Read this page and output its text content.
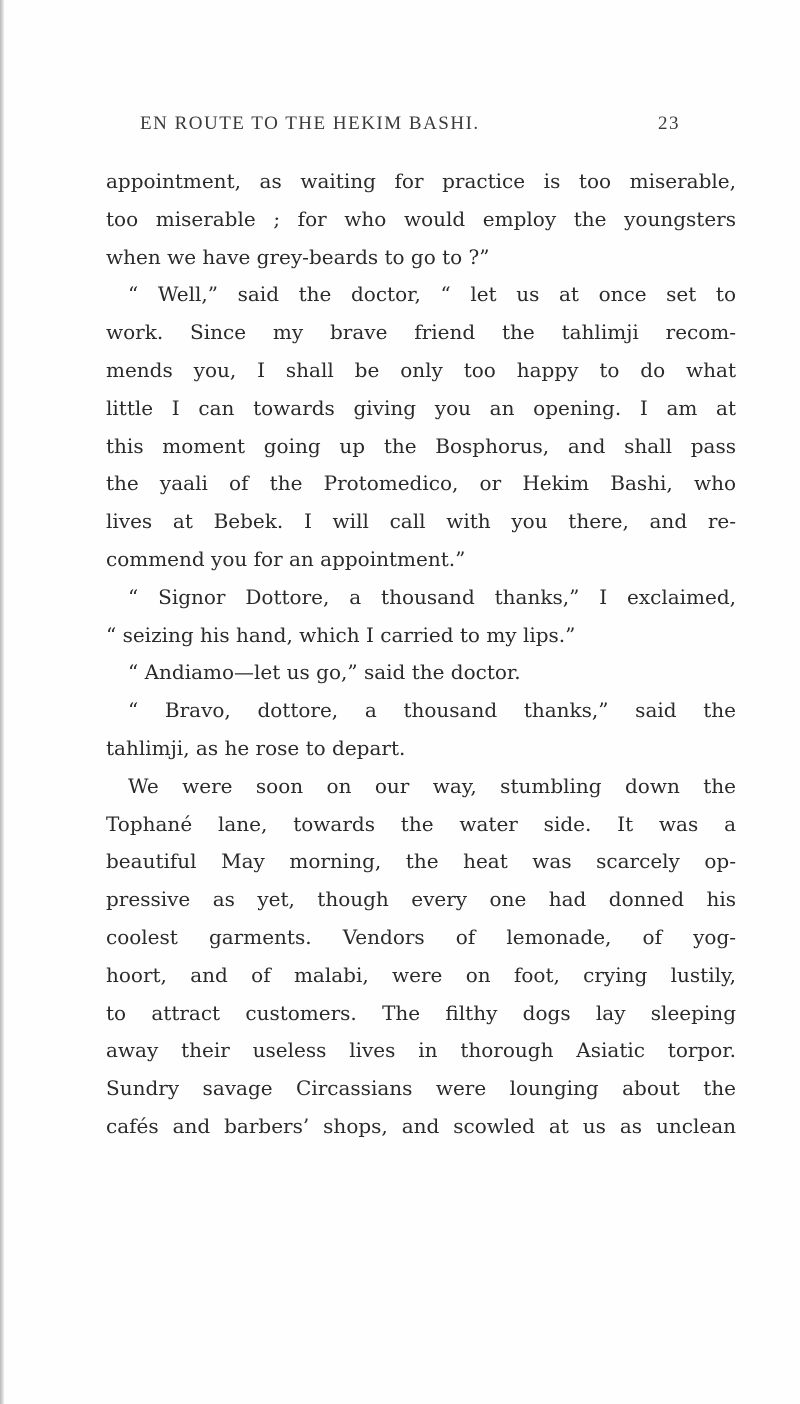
EN ROUTE TO THE HEKIM BASHI.	23
appointment, as waiting for practice is too miserable,
too miserable ; for who would employ the youngsters
when we have grey-beards to go to ?”
“ Well,” said the doctor, “ let us at once set to
work. Since my brave friend the tahlimji recom-
mends you, I shall be only too happy to do what
little I can towards giving you an opening. I am at
this moment going up the Bosphorus, and shall pass
the yaali of the Protomedico, or Hekim Bashi, who
lives at Bebek. I will call with you there, and re-
commend you for an appointment.”
“ Signor Dottore, a thousand thanks,” I exclaimed,
“ seizing his hand, which I carried to my lips.”
“ Andiamo—let us go,” said the doctor.
“ Bravo, dottore, a thousand thanks,” said the
tahlimji, as he rose to depart.
We were soon on our way, stumbling down the
Tophané lane, towards the water side. It was a
beautiful May morning, the heat was scarcely op-
pressive as yet, though every one had donned his
coolest garments. Vendors of lemonade, of yog-
hoort, and of malabi, were on foot, crying lustily,
to attract customers. The filthy dogs lay sleeping
away their useless lives in thorough Asiatic torpor.
Sundry savage Circassians were lounging about the
cafés and barbers’ shops, and scowled at us as unclean
